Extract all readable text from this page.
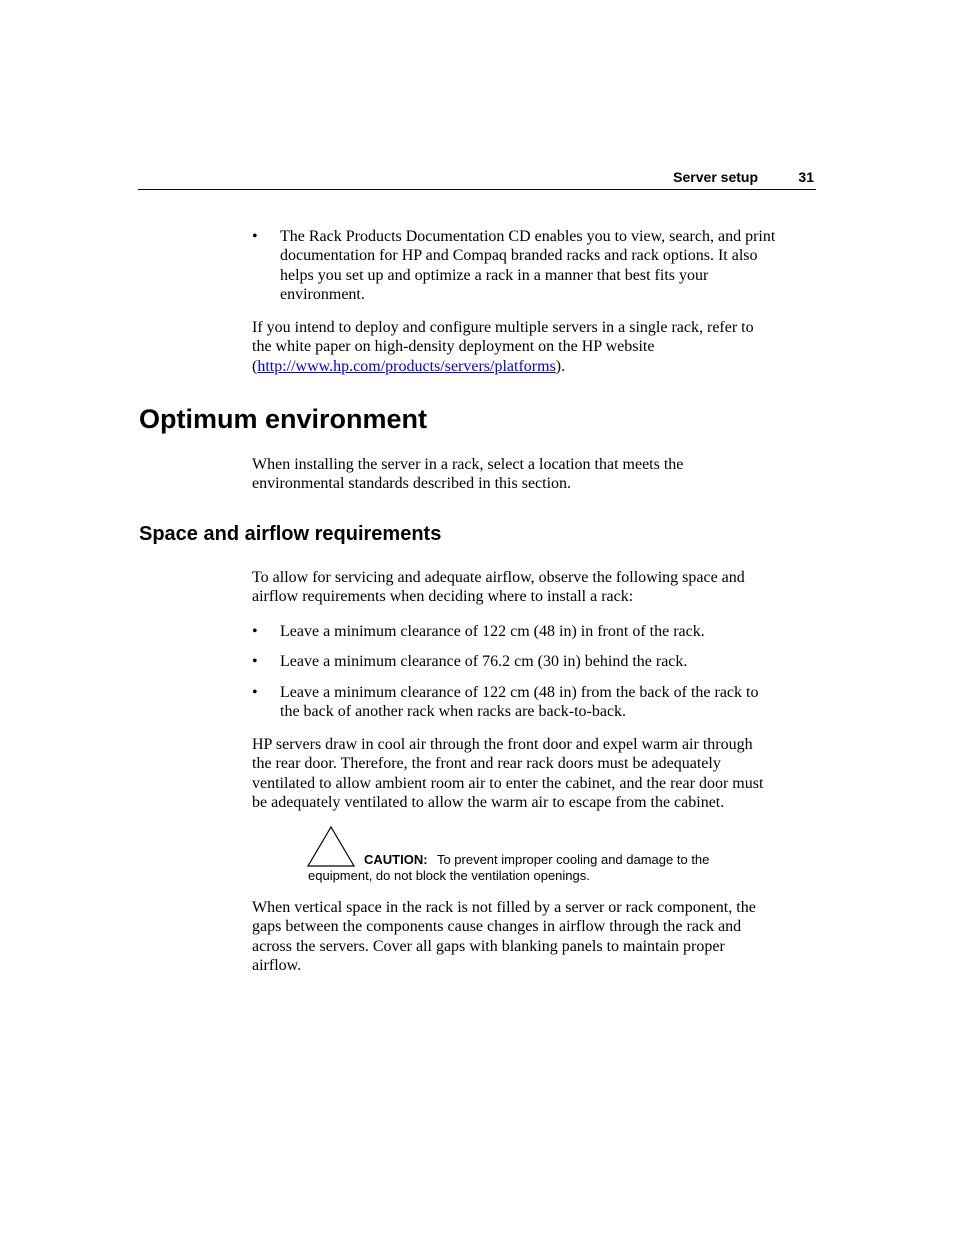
Server setup	31
• The Rack Products Documentation CD enables you to view, search, and print
documentation for HP and Compaq branded racks and rack options. It also
helps you set up and optimize a rack in a manner that best fits your
environment.
If you intend to deploy and configure multiple servers in a single rack, refer to
the white paper on high-density deployment on the HP website
(http://www.hp.com/products/servers/platforms).
Optimum environment
When installing the server in a rack, select a location that meets the
environmental standards described in this section.
Space and airflow requirements
To allow for servicing and adequate airflow, observe the following space and
airflow requirements when deciding where to install a rack:
• Leave a minimum clearance of 122 cm (48 in) in front of the rack.
• Leave a minimum clearance of 76.2 cm (30 in) behind the rack.
• Leave a minimum clearance of 122 cm (48 in) from the back of the rack to
the back of another rack when racks are back-to-back.
HP servers draw in cool air through the front door and expel warm air through
the rear door. Therefore, the front and rear rack doors must be adequately
ventilated to allow ambient room air to enter the cabinet, and the rear door must
be adequately ventilated to allow the warm air to escape from the cabinet.
CAUTION: To prevent improper cooling and damage to the
equipment, do not block the ventilation openings.
When vertical space in the rack is not filled by a server or rack component, the
gaps between the components cause changes in airflow through the rack and
across the servers. Cover all gaps with blanking panels to maintain proper
airflow.
